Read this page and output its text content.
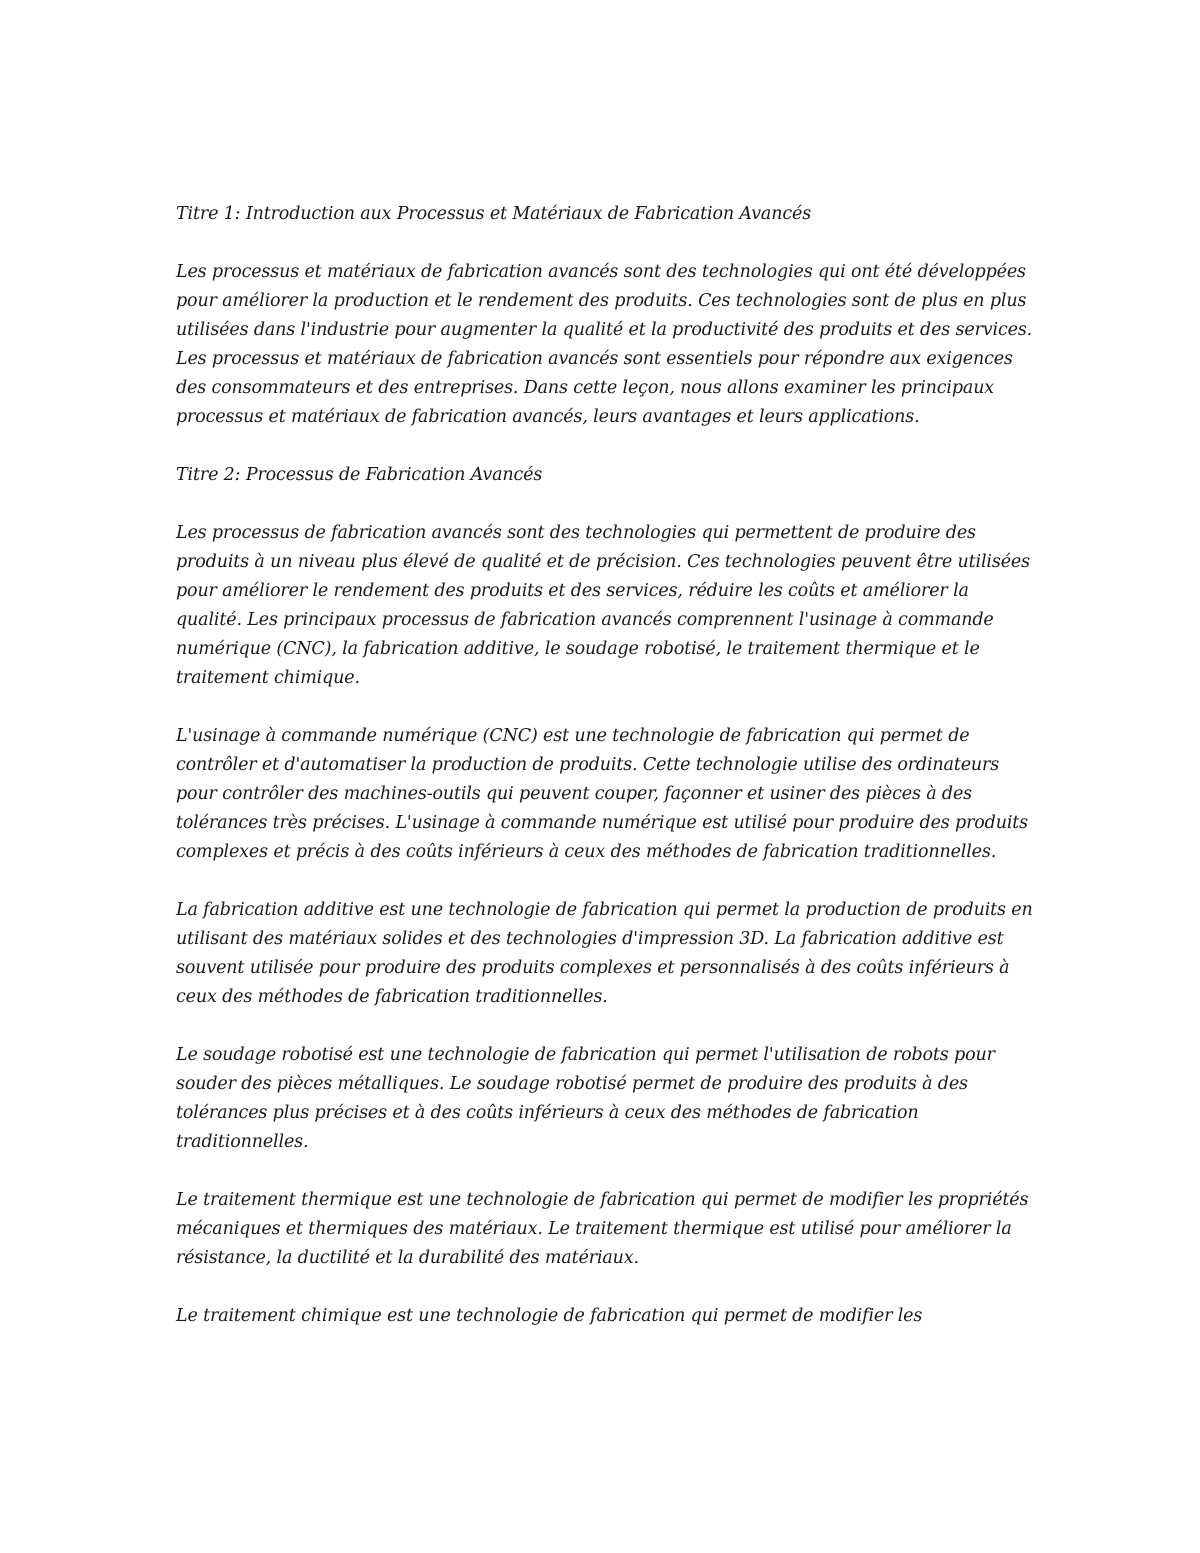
Titre 1: Introduction aux Processus et Matériaux de Fabrication Avancés

Les processus et matériaux de fabrication avancés sont des technologies qui ont été développées pour améliorer la production et le rendement des produits. Ces technologies sont de plus en plus utilisées dans l'industrie pour augmenter la qualité et la productivité des produits et des services. Les processus et matériaux de fabrication avancés sont essentiels pour répondre aux exigences des consommateurs et des entreprises. Dans cette leçon, nous allons examiner les principaux processus et matériaux de fabrication avancés, leurs avantages et leurs applications.

Titre 2: Processus de Fabrication Avancés

Les processus de fabrication avancés sont des technologies qui permettent de produire des produits à un niveau plus élevé de qualité et de précision. Ces technologies peuvent être utilisées pour améliorer le rendement des produits et des services, réduire les coûts et améliorer la qualité. Les principaux processus de fabrication avancés comprennent l'usinage à commande numérique (CNC), la fabrication additive, le soudage robotisé, le traitement thermique et le traitement chimique.

L'usinage à commande numérique (CNC) est une technologie de fabrication qui permet de contrôler et d'automatiser la production de produits. Cette technologie utilise des ordinateurs pour contrôler des machines-outils qui peuvent couper, façonner et usiner des pièces à des tolérances très précises. L'usinage à commande numérique est utilisé pour produire des produits complexes et précis à des coûts inférieurs à ceux des méthodes de fabrication traditionnelles.

La fabrication additive est une technologie de fabrication qui permet la production de produits en utilisant des matériaux solides et des technologies d'impression 3D. La fabrication additive est souvent utilisée pour produire des produits complexes et personnalisés à des coûts inférieurs à ceux des méthodes de fabrication traditionnelles.

Le soudage robotisé est une technologie de fabrication qui permet l'utilisation de robots pour souder des pièces métalliques. Le soudage robotisé permet de produire des produits à des tolérances plus précises et à des coûts inférieurs à ceux des méthodes de fabrication traditionnelles.

Le traitement thermique est une technologie de fabrication qui permet de modifier les propriétés mécaniques et thermiques des matériaux. Le traitement thermique est utilisé pour améliorer la résistance, la ductilité et la durabilité des matériaux.

Le traitement chimique est une technologie de fabrication qui permet de modifier les
